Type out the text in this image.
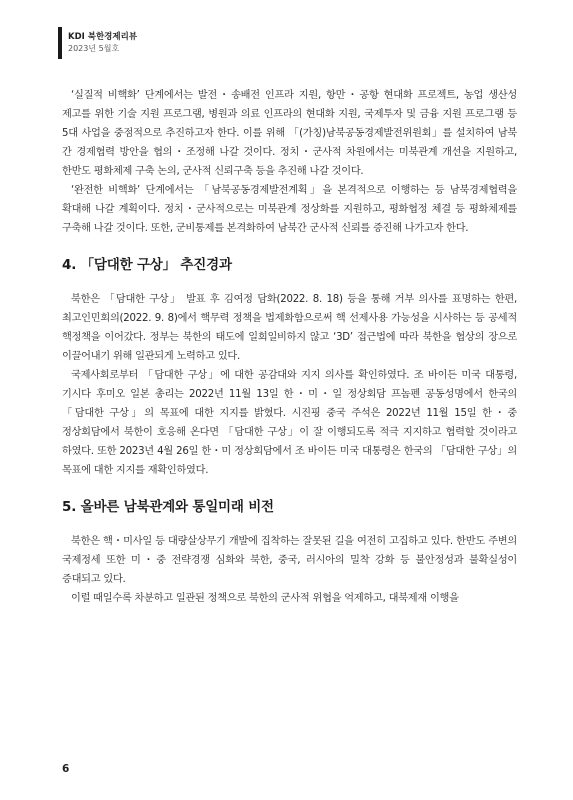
KDI 북한경제리뷰
2023년 5월호

‘실질적 비핵화’ 단계에서는 발전・송배전 인프라 지원, 항만・공항 현대화 프로젝트, 농업 생산성 제고를 위한 기술 지원 프로그램, 병원과 의료 인프라의 현대화 지원, 국제투자 및 금융 지원 프로그램 등 5대 사업을 중점적으로 추진하고자 한다. 이를 위해 「(가칭)남북공동경제발전위원회」를 설치하여 남북 간 경제협력 방안을 협의・조정해 나갈 것이다. 정치・군사적 차원에서는 미북관계 개선을 지원하고, 한반도 평화체제 구축 논의, 군사적 신뢰구축 등을 추진해 나갈 것이다.

‘완전한 비핵화’ 단계에서는 「남북공동경제발전계획」을 본격적으로 이행하는 등 남북경제협력을 확대해 나갈 계획이다. 정치・군사적으로는 미북관계 정상화를 지원하고, 평화협정 체결 등 평화체제를 구축해 나갈 것이다. 또한, 군비통제를 본격화하여 남북간 군사적 신뢰를 증진해 나가고자 한다.

4. 「담대한 구상」 추진경과

북한은 「담대한 구상」 발표 후 김여정 담화(2022. 8. 18) 등을 통해 거부 의사를 표명하는 한편, 최고인민회의(2022. 9. 8)에서 핵무력 정책을 법제화함으로써 핵 선제사용 가능성을 시사하는 등 공세적 핵정책을 이어갔다. 정부는 북한의 태도에 일희일비하지 않고 ‘3D’ 접근법에 따라 북한을 협상의 장으로 이끌어내기 위해 일관되게 노력하고 있다.

국제사회로부터 「담대한 구상」에 대한 공감대와 지지 의사를 확인하였다. 조 바이든 미국 대통령, 기시다 후미오 일본 총리는 2022년 11월 13일 한・미・일 정상회담 프놈펜 공동성명에서 한국의 「담대한 구상」의 목표에 대한 지지를 밝혔다. 시진핑 중국 주석은 2022년 11월 15일 한・중 정상회담에서 북한이 호응해 온다면 「담대한 구상」이 잘 이행되도록 적극 지지하고 협력할 것이라고 하였다. 또한 2023년 4월 26일 한・미 정상회담에서 조 바이든 미국 대통령은 한국의 「담대한 구상」의 목표에 대한 지지를 재확인하였다.

5. 올바른 남북관계와 통일미래 비전

북한은 핵・미사일 등 대량살상무기 개발에 집착하는 잘못된 길을 여전히 고집하고 있다. 한반도 주변의 국제정세 또한 미・중 전략경쟁 심화와 북한, 중국, 러시아의 밀착 강화 등 불안정성과 불확실성이 증대되고 있다.

이럴 때일수록 차분하고 일관된 정책으로 북한의 군사적 위협을 억제하고, 대북제재 이행을

6
